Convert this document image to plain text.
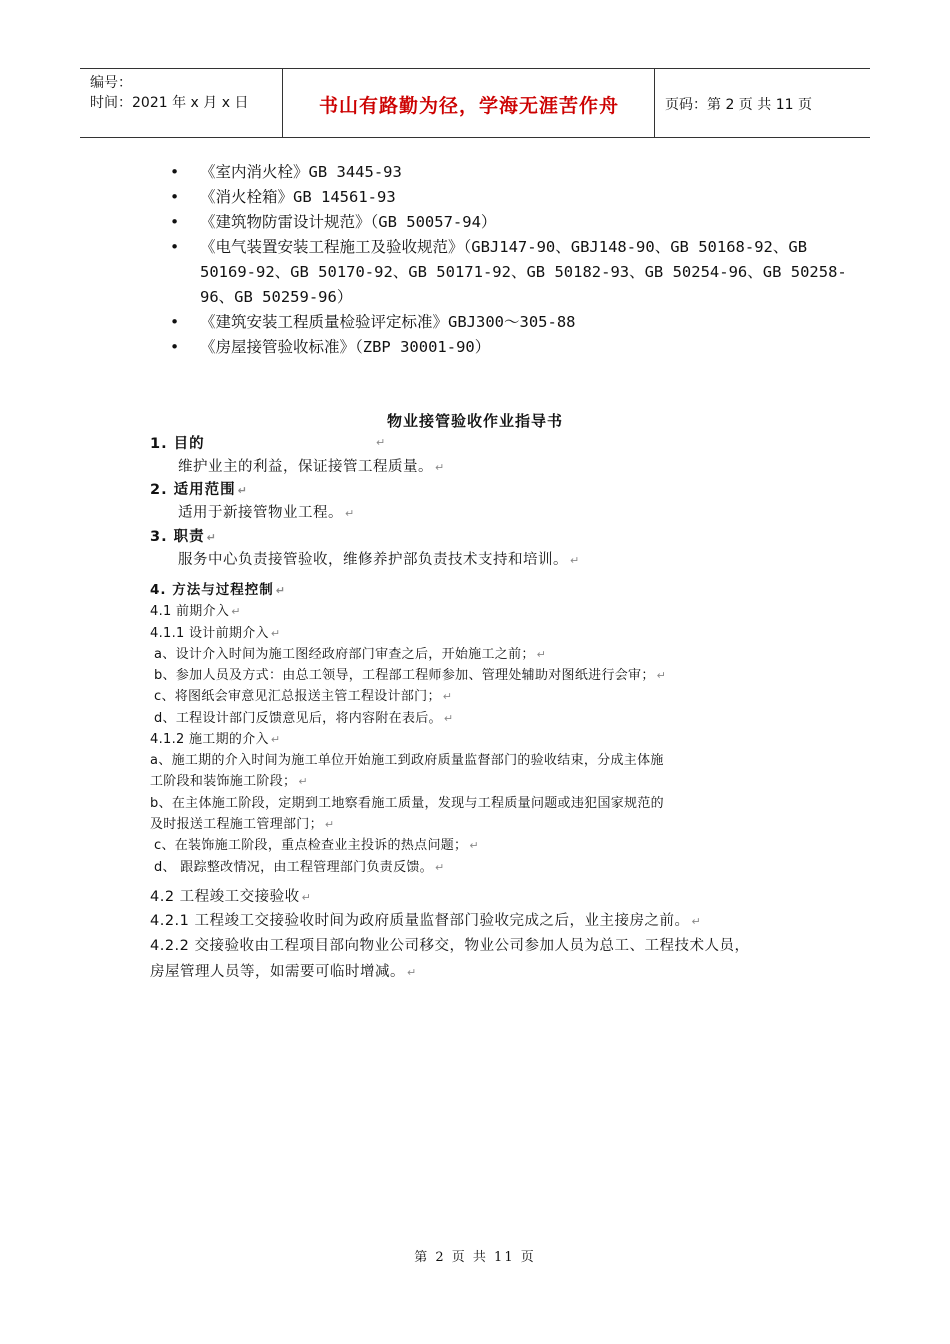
编号：
时间：2021 年 x 月 x 日	书山有路勤为径，学海无涯苦作舟	页码：第 2 页 共 11 页
• 《室内消火栓》GB 3445-93
• 《消火栓箱》GB 14561-93
• 《建筑物防雷设计规范》（GB 50057-94）
• 《电气装置安装工程施工及验收规范》（GBJ147-90、GBJ148-90、GB 50168-92、GB 50169-92、GB 50170-92、GB 50171-92、GB 50182-93、GB 50254-96、GB 50258-96、GB 50259-96）
• 《建筑安装工程质量检验评定标准》GBJ300～305-88
• 《房屋接管验收标准》（ZBP 30001-90）
物业接管验收作业指导书
1. 目的	↵
维护业主的利益，保证接管工程质量。 ↵
2. 适用范围 ↵
适用于新接管物业工程。 ↵
3. 职责 ↵
服务中心负责接管验收，维修养护部负责技术支持和培训。 ↵
4. 方法与过程控制 ↵
4.1 前期介入 ↵
4.1.1 设计前期介入 ↵
a、设计介入时间为施工图经政府部门审查之后，开始施工之前； ↵
b、参加人员及方式：由总工领导，工程部工程师参加、管理处辅助对图纸进行会审； ↵
c、将图纸会审意见汇总报送主管工程设计部门； ↵
d、工程设计部门反馈意见后，将内容附在表后。 ↵
4.1.2 施工期的介入 ↵
a、施工期的介入时间为施工单位开始施工到政府质量监督部门的验收结束，分成主体施
工阶段和装饰施工阶段； ↵
b、在主体施工阶段，定期到工地察看施工质量，发现与工程质量问题或违犯国家规范的
及时报送工程施工管理部门； ↵
c、在装饰施工阶段，重点检查业主投诉的热点问题； ↵
d、 跟踪整改情况，由工程管理部门负责反馈。 ↵
4.2 工程竣工交接验收 ↵
4.2.1 工程竣工交接验收时间为政府质量监督部门验收完成之后，业主接房之前。 ↵
4.2.2 交接验收由工程项目部向物业公司移交，物业公司参加人员为总工、工程技术人员，
房屋管理人员等，如需要可临时增减。 ↵
第 2 页 共 11 页
